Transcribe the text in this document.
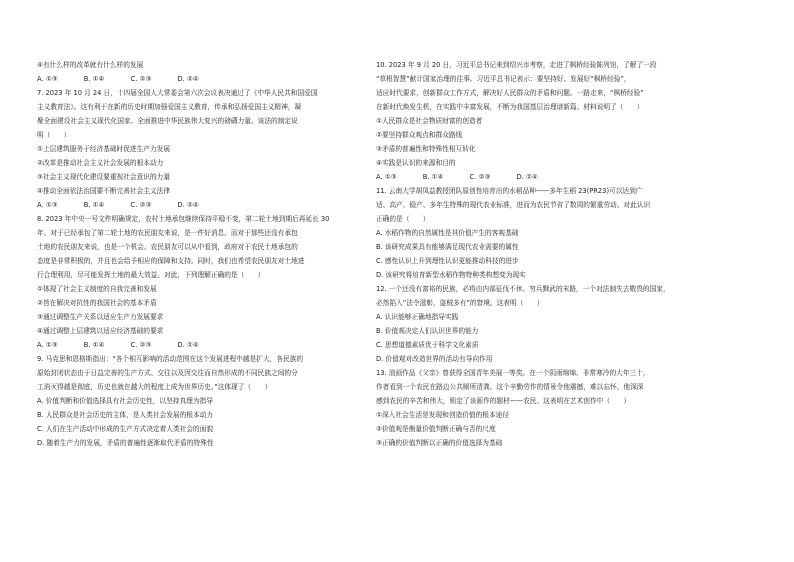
④有什么样的改革就有什么样的发展
A. ①③	B. ①④	C. ②③	D. ②④
7. 2023 年 10 月 24 日，十四届全国人大常委会第六次会议表决通过了《中华人民共和国爱国
主义教育法》。这有利于在新的历史时期加强爱国主义教育，传承和弘扬爱国主义精神，凝
聚全面建设社会主义现代化国家、全面推进中华民族伟大复兴的磅礴力量。该法的制定说
明（　　）
①上层建筑服务于经济基础时促进生产力发展
②改革是推动社会主义社会发展的根本动力
③社会主义现代化建设要重视社会意识的力量
④推动全面依法治国要不断完善社会主义法律
A. ①③	B. ①④	C. ②③	D. ②④
8. 2023 年中央一号文件明确规定，农村土地承包继续保持平稳不变，第二轮土地到期后再延长 30
年。对于已经承包了第二轮土地的农民朋友来说，是一件好消息。而对于那些还没有承包
土地的农民朋友来说，也是一个机会。农民朋友可以从中看到，政府对于农民土地承包的
态度是非常积极的，并且也会给予相应的保障和支持。同时，我们也希望农民朋友对土地进
行合理利用，尽可能发挥土地的最大效益。对此，下列理解正确的是（　　）
①体现了社会主义制度的自我完善和发展
②旨在解决对抗性的我国社会的基本矛盾
③通过调整生产关系以适应生产力发展要求
④通过调整上层建筑以适应经济基础的要求
A. ①③	B. ①④	C. ②③	D. ②④
9. 马克思和恩格斯指出：“各个相互影响的活动范围在这个发展进程中越是扩大，各民族的
原始封闭状态由于日益完善的生产方式、交往以及因交往而自然形成的不同民族之间的分
工消灭得越是彻底，历史也就在越大的程度上成为世界历史。”这体现了（　　）
A. 价值判断和价值选择具有社会历史性，以坚持真理为指导
B. 人民群众是社会历史的主体，是人类社会发展的根本动力
C. 人们在生产活动中形成的生产方式决定着人类社会的面貌
D. 随着生产力的发展，矛盾的普遍性逐渐取代矛盾的特殊性
10. 2023 年 9 月 20 日，习近平总书记来到绍兴市考察，走进了枫桥经验陈列馆，了解了一段
“草根智慧”献计国家治理的往事。习近平总书记表示：要坚持好、发展好“枫桥经验”，
适应时代要求，创新群众工作方式，解决好人民群众的矛盾和问题。一路走来，“枫桥经验”
在新时代焕发生机，在实践中丰富发展，不断为我国基层治理谱新篇。材料说明了（　　）
①人民群众是社会物质财富的创造者
②要坚持群众观点和群众路线
③矛盾的普遍性和特殊性相互转化
④实践是认识的来源和目的
A. ①③	B. ①④	C. ②③	D. ②④
11. 云南大学胡凤益教授团队原创性培育出的水稻品种——多年生稻 23(PR23)可以达到广
适、高产、稳产、多年生特殊的现代农业标准，进而为农民节省了数周的繁重劳动。对此认识
正确的是（　　）
A. 水稻作物的自然属性是其价值产生的客观基础
B. 该研究成果具有能够满足现代农业需要的属性
C. 感性认识上升到理性认识更能推动科技的进步
D. 该研究将培育新型水稻作物特种类构想变为现实
12. 一个还没有富裕的民族，必将由内部征伐不休、穷兵黩武的末路，一个对法制失去敬畏的国家，
必然陷入“法令滋彰，盗贼多有”的窘境。这表明（　　）
A. 认识能够正确地指导实践
B. 价值观决定人们认识世界的能力
C. 思想道德素质优于科学文化素质
D. 价值观对改造世界的活动有导向作用
13. 油画作品《父亲》曾获得全国青年美展一等奖。在一个阴雨绵绵、非常寒冷的大年三十，
作者看到一个农民在路边公共厕所清粪。这个辛勤劳作的情景令他震撼，难以忘怀，他深深
感到农民的辛苦和伟大，锁定了该画作的题材——农民。这表明在艺术创作中（　　）
①深入社会生活是发现和创造价值的根本途径
②价值观是衡量价值判断正确与否的尺度
③正确的价值判断以正确的价值选择为基础
